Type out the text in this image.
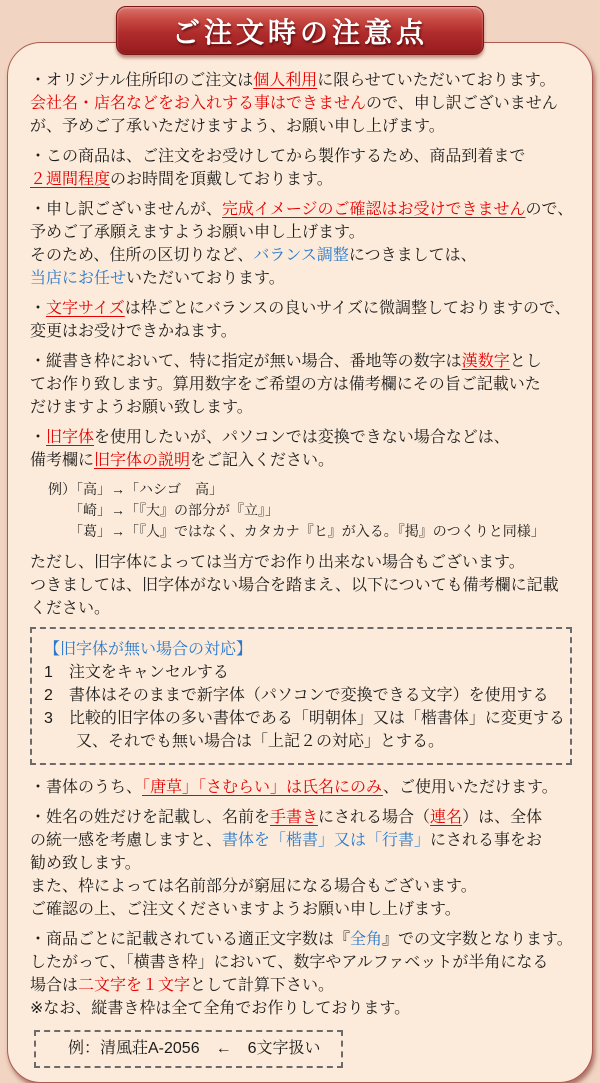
ご注文時の注意点
・オリジナル住所印のご注文は個人利用に限らせていただいております。
会社名・店名などをお入れする事はできませんので、申し訳ございません
が、予めご了承いただけますよう、お願い申し上げます。
・この商品は、ご注文をお受けしてから製作するため、商品到着まで
２週間程度のお時間を頂戴しております。
・申し訳ございませんが、完成イメージのご確認はお受けできませんので、
予めご了承願えますようお願い申し上げます。
そのため、住所の区切りなど、バランス調整につきましては、
当店にお任せいただいております。
・文字サイズは枠ごとにバランスの良いサイズに微調整しておりますので、
変更はお受けできかねます。
・縦書き枠において、特に指定が無い場合、番地等の数字は漢数字とし
てお作り致します。算用数字をご希望の方は備考欄にその旨ご記載いた
だけますようお願い致します。
・旧字体を使用したいが、パソコンでは変換できない場合などは、
備考欄に旧字体の説明をご記入ください。
例）「高」→「ハシゴ　高」
　　「崎」→「『大』の部分が『立』」
　　「葛」→「『人』ではなく、カタカナ『ヒ』が入る。『掲』のつくりと同様」
ただし、旧字体によっては当方でお作り出来ない場合もございます。
つきましては、旧字体がない場合を踏まえ、以下についても備考欄に記載
ください。
【旧字体が無い場合の対応】
1　注文をキャンセルする
2　書体はそのままで新字体（パソコンで変換できる文字）を使用する
3　比較的旧字体の多い書体である「明朝体」又は「楷書体」に変更する
　　又、それでも無い場合は「上記２の対応」とする。
・書体のうち、「唐草」「さむらい」は氏名にのみ、ご使用いただけます。
・姓名の姓だけを記載し、名前を手書きにされる場合（連名）は、全体
の統一感を考慮しますと、書体を「楷書」又は「行書」にされる事をお
勧め致します。
また、枠によっては名前部分が窮屈になる場合もございます。
ご確認の上、ご注文くださいますようお願い申し上げます。
・商品ごとに記載されている適正文字数は『全角』での文字数となります。
したがって、「横書き枠」において、数字やアルファベットが半角になる
場合は二文字を１文字として計算下さい。
※なお、縦書き枠は全て全角でお作りしております。
例：清風荘A-2056　←　6文字扱い
